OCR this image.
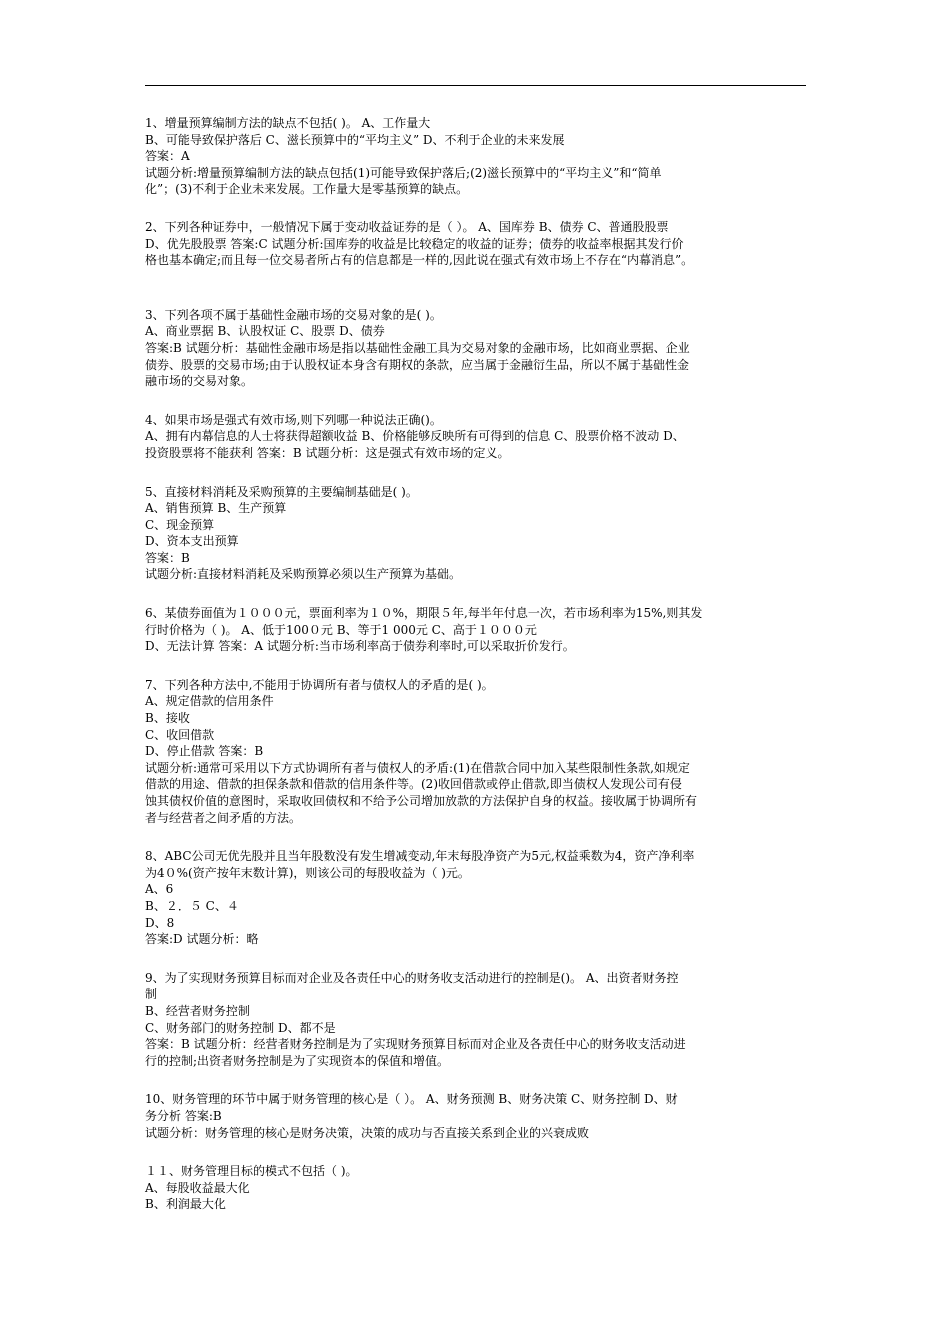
1、增量预算编制方法的缺点不包括( )。 A、工作量大
B、可能导致保护落后 C、滋长预算中的“平均主义” D、不利于企业的未来发展
答案：A
试题分析:增量预算编制方法的缺点包括(1)可能导致保护落后;(2)滋长预算中的“平均主义”和“简单
化”；(3)不利于企业未来发展。工作量大是零基预算的缺点。
2、下列各种证券中，一般情况下属于变动收益证券的是（ ）。 A、国库券 B、债券 C、普通股股票
D、优先股股票 答案:C 试题分析:国库券的收益是比较稳定的收益的证券；债券的收益率根据其发行价
格也基本确定;而且每一位交易者所占有的信息都是一样的,因此说在强式有效市场上不存在“内幕消息”。
3、下列各项不属于基础性金融市场的交易对象的是( )。
A、商业票据 B、认股权证 C、股票 D、债券
答案:B 试题分析：基础性金融市场是指以基础性金融工具为交易对象的金融市场，比如商业票据、企业
债券、股票的交易市场;由于认股权证本身含有期权的条款，应当属于金融衍生品，所以不属于基础性金
融市场的交易对象。
4、如果市场是强式有效市场,则下列哪一种说法正确()。
A、拥有内幕信息的人士将获得超额收益 B、价格能够反映所有可得到的信息 C、股票价格不波动 D、
投资股票将不能获利 答案：B 试题分析：这是强式有效市场的定义。
5、直接材料消耗及采购预算的主要编制基础是( )。
A、销售预算 B、生产预算
C、现金预算
D、资本支出预算
答案：B
试题分析:直接材料消耗及采购预算必须以生产预算为基础。
6、某债券面值为１０００元，票面利率为１０%，期限５年,每半年付息一次，若市场利率为15%,则其发
行时价格为（ )。 A、低于100０元 B、等于1 000元 C、高于１０００元
D、无法计算 答案：A 试题分析:当市场利率高于债券利率时,可以采取折价发行。
7、下列各种方法中,不能用于协调所有者与债权人的矛盾的是( )。
A、规定借款的信用条件
B、接收
C、收回借款
D、停止借款 答案：B
试题分析:通常可采用以下方式协调所有者与债权人的矛盾:(1)在借款合同中加入某些限制性条款,如规定
借款的用途、借款的担保条款和借款的信用条件等。(2)收回借款或停止借款,即当债权人发现公司有侵
蚀其债权价值的意图时，采取收回债权和不给予公司增加放款的方法保护自身的权益。接收属于协调所有
者与经营者之间矛盾的方法。
8、ABC公司无优先股并且当年股数没有发生增减变动,年末每股净资产为5元,权益乘数为4，资产净利率
为4０%(资产按年末数计算)，则该公司的每股收益为（ )元。
A、6
B、２．５ C、４
D、8
答案:D 试题分析：略
9、为了实现财务预算目标而对企业及各责任中心的财务收支活动进行的控制是()。 A、出资者财务控
制
B、经营者财务控制
C、财务部门的财务控制 D、都不是
答案：B 试题分析：经营者财务控制是为了实现财务预算目标而对企业及各责任中心的财务收支活动进
行的控制;出资者财务控制是为了实现资本的保值和增值。
10、财务管理的环节中属于财务管理的核心是（ ）。 A、财务预测 B、财务决策 C、财务控制 D、财
务分析 答案:B
试题分析：财务管理的核心是财务决策，决策的成功与否直接关系到企业的兴衰成败
１１、财务管理目标的模式不包括（ )。
A、每股收益最大化
B、利润最大化
